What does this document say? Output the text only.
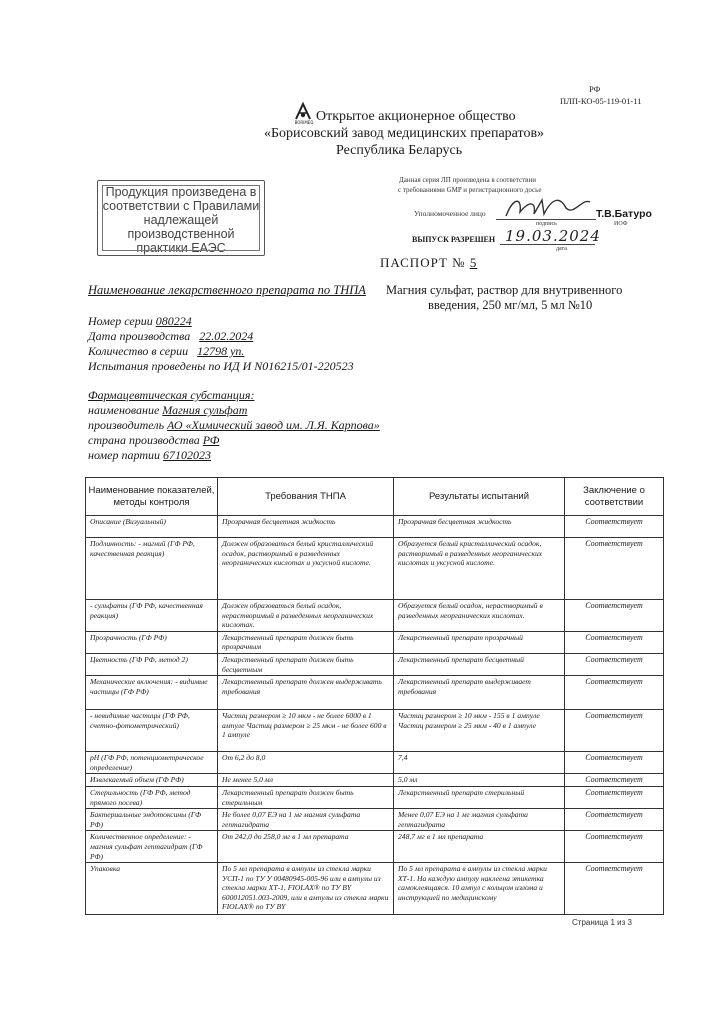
РФ
ПЛП-КО-05-119-01-11
BORIMED Открытое акционерное общество
«Борисовский завод медицинских препаратов»
Республика Беларусь
Продукция произведена в
соответствии с Правилами
надлежащей производственной
практики ЕАЭС
Данная серия ЛП произведена в соответствии
с требованиями GMP и регистрационного досье
Уполномоченное лицо
подпись
Т.В.Батуро
ИОФ
ВЫПУСК РАЗРЕШЕН 19.03.2024
дата
ПАСПОРТ № 5
Наименование лекарственного препарата по ТНПА Магния сульфат, раствор для внутривенного
введения, 250 мг/мл, 5 мл №10
Номер серии 080224
Дата производства 22.02.2024
Количество в серии 12798 уп.
Испытания проведены по ИД И N016215/01-220523
Фармацевтическая субстанция:
наименование Магния сульфат
производитель АО «Химический завод им. Л.Я. Карпова»
страна производства РФ
номер партии 67102023
Наименование показателей, методы контроля	Требования ТНПА	Результаты испытаний	Заключение о соответствии
Описание (Визуальный)	Прозрачная бесцветная жидкость	Прозрачная бесцветная жидкость	Соответствует
Подлинность: - магний (ГФ РФ, качественная реакция)	Должен образоваться белый кристаллический осадок, растворимый в разведенных неорганических кислотах и уксусной кислоте.	Образуется белый кристаллический осадок, растворимый в разведенных неорганических кислотах и уксусной кислоте.	Соответствует
- сульфаты (ГФ РФ, качественная реакция)	Должен образоваться белый осадок, нерастворимый в разведенных неорганических кислотах.	Образуется белый осадок, нерастворимый в разведенных неорганических кислотах.	Соответствует
Прозрачность (ГФ РФ)	Лекарственный препарат должен быть прозрачным	Лекарственный препарат прозрачный	Соответствует
Цветность (ГФ РФ, метод 2)	Лекарственный препарат должен быть бесцветным	Лекарственный препарат бесцветный	Соответствует
Механические включения: - видимые частицы (ГФ РФ)	Лекарственный препарат должен выдерживать требования	Лекарственный препарат выдерживает требования	Соответствует
- невидимые частицы (ГФ РФ, счетно-фотометрический)	Частиц размером ≥ 10 мкм - не более 6000 в 1 ампуле Частиц размером ≥ 25 мкм - не более 600 в 1 ампуле	Частиц размером ≥ 10 мкм - 155 в 1 ампуле Частиц размером ≥ 25 мкм - 40 в 1 ампуле	Соответствует
pH (ГФ РФ, потенциометрическое определение)	От 6,2 до 8,0	7,4	Соответствует
Извлекаемый объем (ГФ РФ)	Не менее 5,0 мл	5,0 мл	Соответствует
Стерильность (ГФ РФ, метод прямого посева)	Лекарственный препарат должен быть стерильным	Лекарственный препарат стерильный	Соответствует
Бактериальные эндотоксины (ГФ РФ)	Не более 0,07 ЕЭ на 1 мг магния сульфата гептагидрата	Менее 0,07 ЕЭ на 1 мг магния сульфата гептагидрата	Соответствует
Количественное определение: - магния сульфат гептагидрат (ГФ РФ)	От 242,0 до 258,0 мг в 1 мл препарата	248,7 мг в 1 мл препарата	Соответствует
Упаковка	По 5 мл препарата в ампулы из стекла марки УСП-1 по ТУ У 00480945-005-96 или в ампулы из стекла марки ХТ-1, FIOLAX® по ТУ BY 600012051.003-2009, или в ампулы из стекла марки FIOLAX® по ТУ BY	По 5 мл препарата в ампулы из стекла марки ХТ-1. На каждую ампулу наклеена этикетка самоклеящаяся. 10 ампул с кольцом излома и инструкцией по медицинскому	Соответствует
Страница 1 из 3
